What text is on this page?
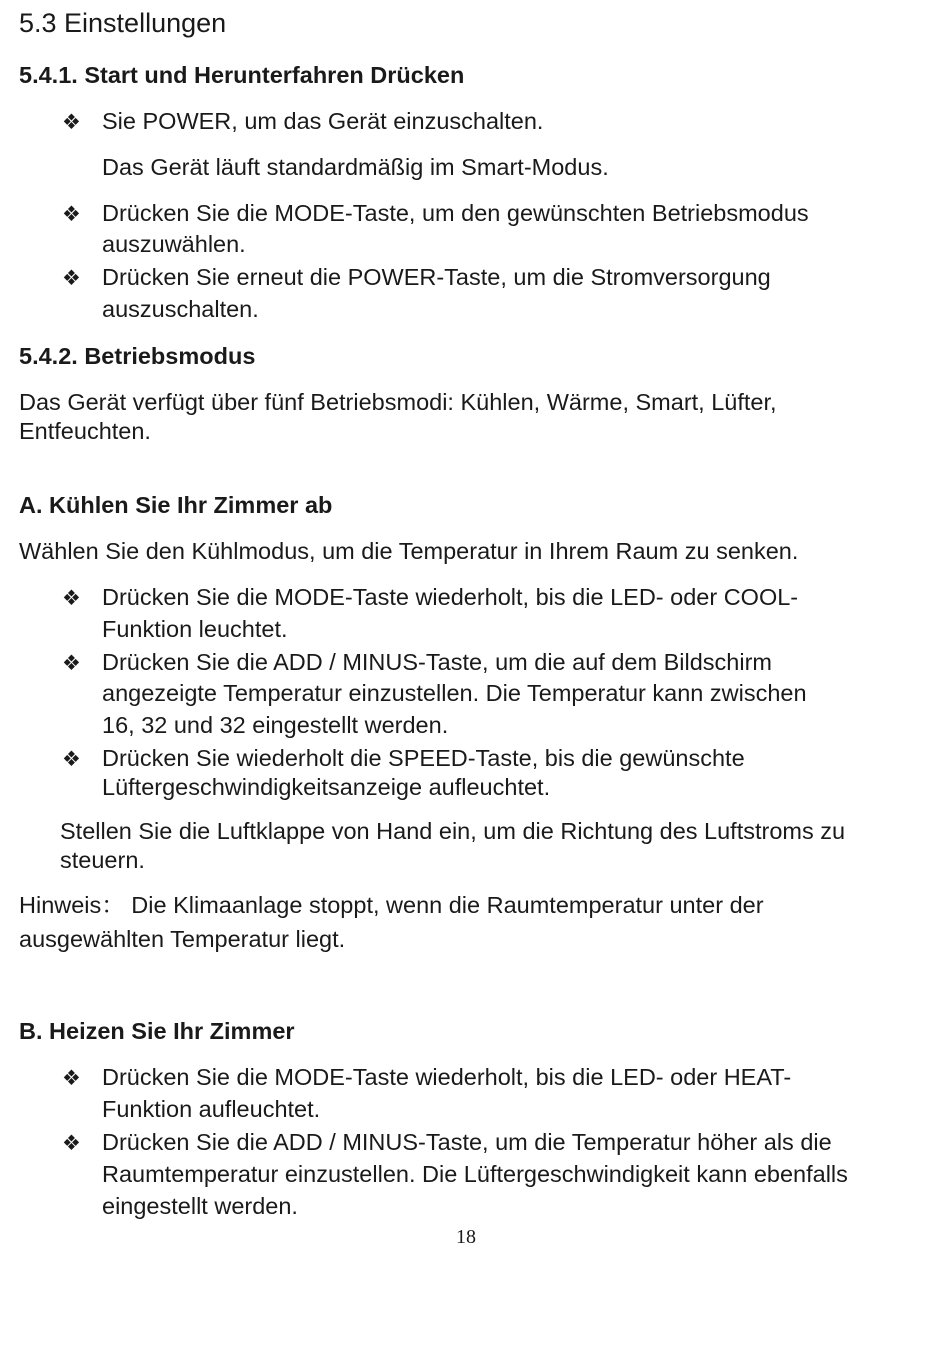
5.3 Einstellungen
5.4.1. Start und Herunterfahren Drücken
❖ Sie POWER, um das Gerät einzuschalten.
Das Gerät läuft standardmäßig im Smart-Modus.
❖ Drücken Sie die MODE-Taste, um den gewünschten Betriebsmodus
auszuwählen.
❖ Drücken Sie erneut die POWER-Taste, um die Stromversorgung
auszuschalten.
5.4.2. Betriebsmodus
Das Gerät verfügt über fünf Betriebsmodi: Kühlen, Wärme, Smart, Lüfter,
Entfeuchten.
A. Kühlen Sie Ihr Zimmer ab
Wählen Sie den Kühlmodus, um die Temperatur in Ihrem Raum zu senken.
❖ Drücken Sie die MODE-Taste wiederholt, bis die LED- oder COOL-
Funktion leuchtet.
❖ Drücken Sie die ADD / MINUS-Taste, um die auf dem Bildschirm
angezeigte Temperatur einzustellen. Die Temperatur kann zwischen
16, 32 und 32 eingestellt werden.
❖ Drücken Sie wiederholt die SPEED-Taste, bis die gewünschte
Lüftergeschwindigkeitsanzeige aufleuchtet.
Stellen Sie die Luftklappe von Hand ein, um die Richtung des Luftstroms zu
steuern.
Hinweis： Die Klimaanlage stoppt, wenn die Raumtemperatur unter der
ausgewählten Temperatur liegt.
B. Heizen Sie Ihr Zimmer
❖ Drücken Sie die MODE-Taste wiederholt, bis die LED- oder HEAT-
Funktion aufleuchtet.
❖ Drücken Sie die ADD / MINUS-Taste, um die Temperatur höher als die
Raumtemperatur einzustellen. Die Lüftergeschwindigkeit kann ebenfalls
eingestellt werden.
18
